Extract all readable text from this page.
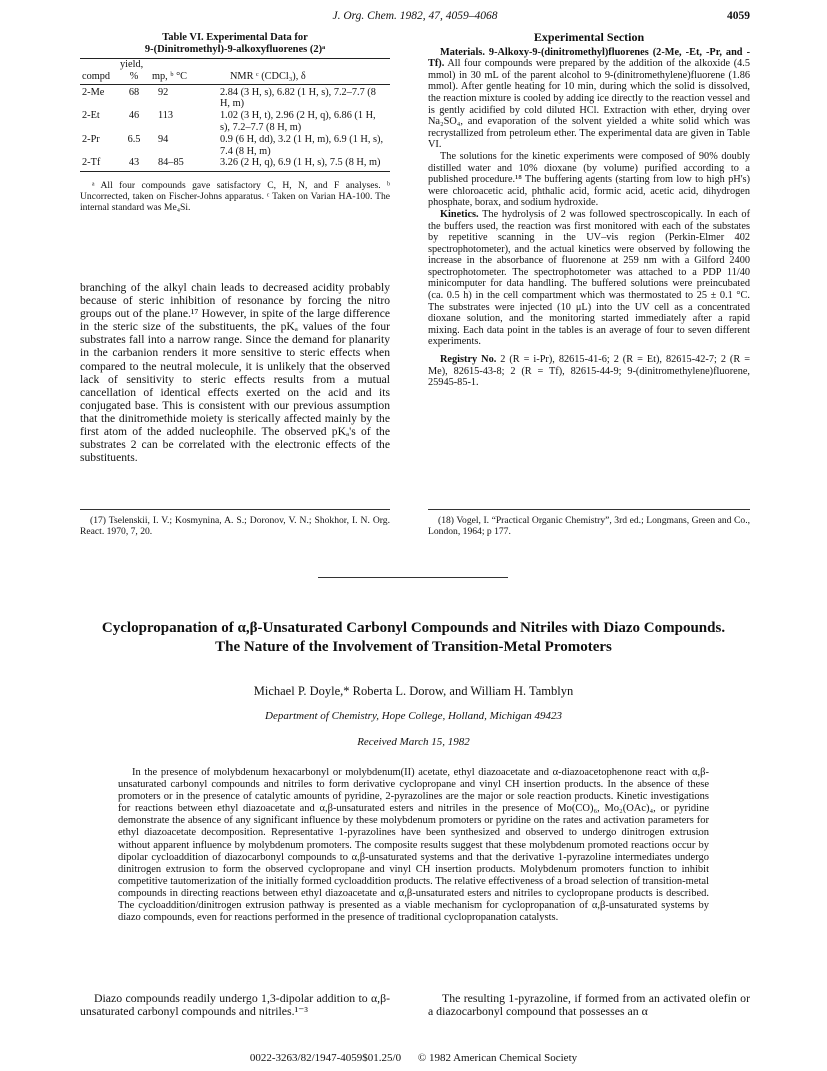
J. Org. Chem. 1982, 47, 4059–4068	4059
Table VI. Experimental Data for
9-(Dinitromethyl)-9-alkoxyfluorenes (2)ᵃ
	yield,		
compd	%	mp, ᵇ °C	NMR ᶜ (CDCl₃), δ
2-Me	68	92	2.84 (3 H, s), 6.82 (1 H, s), 7.2–7.7 (8 H, m)
2-Et	46	113	1.02 (3 H, t), 2.96 (2 H, q), 6.86 (1 H, s), 7.2–7.7 (8 H, m)
2-Pr	6.5	94	0.9 (6 H, dd), 3.2 (1 H, m), 6.9 (1 H, s), 7.4 (8 H, m)
2-Tf	43	84–85	3.26 (2 H, q), 6.9 (1 H, s), 7.5 (8 H, m)
ᵃ All four compounds gave satisfactory C, H, N, and F analyses. ᵇ Uncorrected, taken on Fischer-Johns apparatus. ᶜ Taken on Varian HA-100. The internal standard was Me₄Si.

branching of the alkyl chain leads to decreased acidity probably because of steric inhibition of resonance by forcing the nitro groups out of the plane.¹⁷ However, in spite of the large difference in the steric size of the substituents, the pKₐ values of the four substrates fall into a narrow range. Since the demand for planarity in the carbanion renders it more sensitive to steric effects when compared to the neutral molecule, it is unlikely that the observed lack of sensitivity to steric effects results from a mutual cancellation of identical effects exerted on the acid and its conjugated base. This is consistent with our previous assumption that the dinitromethide moiety is sterically affected mainly by the first atom of the added nucleophile. The observed pKₐ's of the substrates 2 can be correlated with the electronic effects of the substituents.

(17) Tselenskii, I. V.; Kosmynina, A. S.; Doronov, V. N.; Shokhor, I. N. Org. React. 1970, 7, 20.
Experimental Section

Materials. 9-Alkoxy-9-(dinitromethyl)fluorenes (2-Me, -Et, -Pr, and -Tf). All four compounds were prepared by the addition of the alkoxide (4.5 mmol) in 30 mL of the parent alcohol to 9-(dinitromethylene)fluorene (1.86 mmol). After gentle heating for 10 min, during which the solid is dissolved, the reaction mixture is cooled by adding ice directly to the reaction vessel and is gently acidified by cold diluted HCl. Extraction with ether, drying over Na₂SO₄, and evaporation of the solvent yielded a white solid which was recrystallized from petroleum ether. The experimental data are given in Table VI.

The solutions for the kinetic experiments were composed of 90% doubly distilled water and 10% dioxane (by volume) purified according to a published procedure.¹⁸ The buffering agents (starting from low to high pH's) were chloroacetic acid, phthalic acid, formic acid, acetic acid, dihydrogen phosphate, borax, and sodium hydroxide.

Kinetics. The hydrolysis of 2 was followed spectroscopically. In each of the buffers used, the reaction was first monitored with each of the substates by repetitive scanning in the UV–vis region (Perkin-Elmer 402 spectrophotometer), and the actual kinetics were observed by following the increase in the absorbance of fluorenone at 259 nm with a Gilford 2400 spectrophotometer. The spectrophotometer was attached to a PDP 11/40 minicomputer for data handling. The buffered solutions were preincubated (ca. 0.5 h) in the cell compartment which was thermostated to 25 ± 0.1 °C. The substrates were injected (10 μL) into the UV cell as a concentrated dioxane solution, and the monitoring started immediately after a rapid mixing. Each data point in the tables is an average of four to seven different experiments.

Registry No. 2 (R = i-Pr), 82615-41-6; 2 (R = Et), 82615-42-7; 2 (R = Me), 82615-43-8; 2 (R = Tf), 82615-44-9; 9-(dinitromethylene)fluorene, 25945-85-1.

(18) Vogel, I. “Practical Organic Chemistry”, 3rd ed.; Longmans, Green and Co., London, 1964; p 177.
Cyclopropanation of α,β-Unsaturated Carbonyl Compounds and Nitriles with Diazo Compounds. The Nature of the Involvement of Transition-Metal Promoters
Michael P. Doyle,* Roberta L. Dorow, and William H. Tamblyn
Department of Chemistry, Hope College, Holland, Michigan 49423
Received March 15, 1982
In the presence of molybdenum hexacarbonyl or molybdenum(II) acetate, ethyl diazoacetate and α-diazoacetophenone react with α,β-unsaturated carbonyl compounds and nitriles to form derivative cyclopropane and vinyl CH insertion products. In the absence of these promoters or in the presence of catalytic amounts of pyridine, 2-pyrazolines are the major or sole reaction products. Kinetic investigations for reactions between ethyl diazoacetate and α,β-unsaturated esters and nitriles in the presence of Mo(CO)₆, Mo₂(OAc)₄, or pyridine demonstrate the absence of any significant influence by these molybdenum promoters or pyridine on the rates and activation parameters for ethyl diazoacetate decomposition. Representative 1-pyrazolines have been synthesized and observed to undergo dinitrogen extrusion without apparent influence by molybdenum promoters. The composite results suggest that these molybdenum promoted reactions occur by dipolar cycloaddition of diazocarbonyl compounds to α,β-unsaturated systems and that the derivative 1-pyrazoline intermediates undergo dinitrogen extrusion to form the observed cyclopropane and vinyl CH insertion products. Molybdenum promoters function to inhibit competitive tautomerization of the initially formed cycloaddition products. The relative effectiveness of a broad selection of transition-metal compounds in directing reactions between ethyl diazoacetate and α,β-unsaturated esters and nitriles to cyclopropane products is described. The cycloaddition/dinitrogen extrusion pathway is presented as a viable mechanism for cyclopropanation of α,β-unsaturated systems by diazo compounds, even for reactions performed in the presence of traditional cyclopropanation catalysts.

Diazo compounds readily undergo 1,3-dipolar addition to α,β-unsaturated carbonyl compounds and nitriles.¹⁻³

The resulting 1-pyrazoline, if formed from an activated olefin or a diazocarbonyl compound that possesses an α

0022-3263/82/1947-4059$01.25/0 © 1982 American Chemical Society
